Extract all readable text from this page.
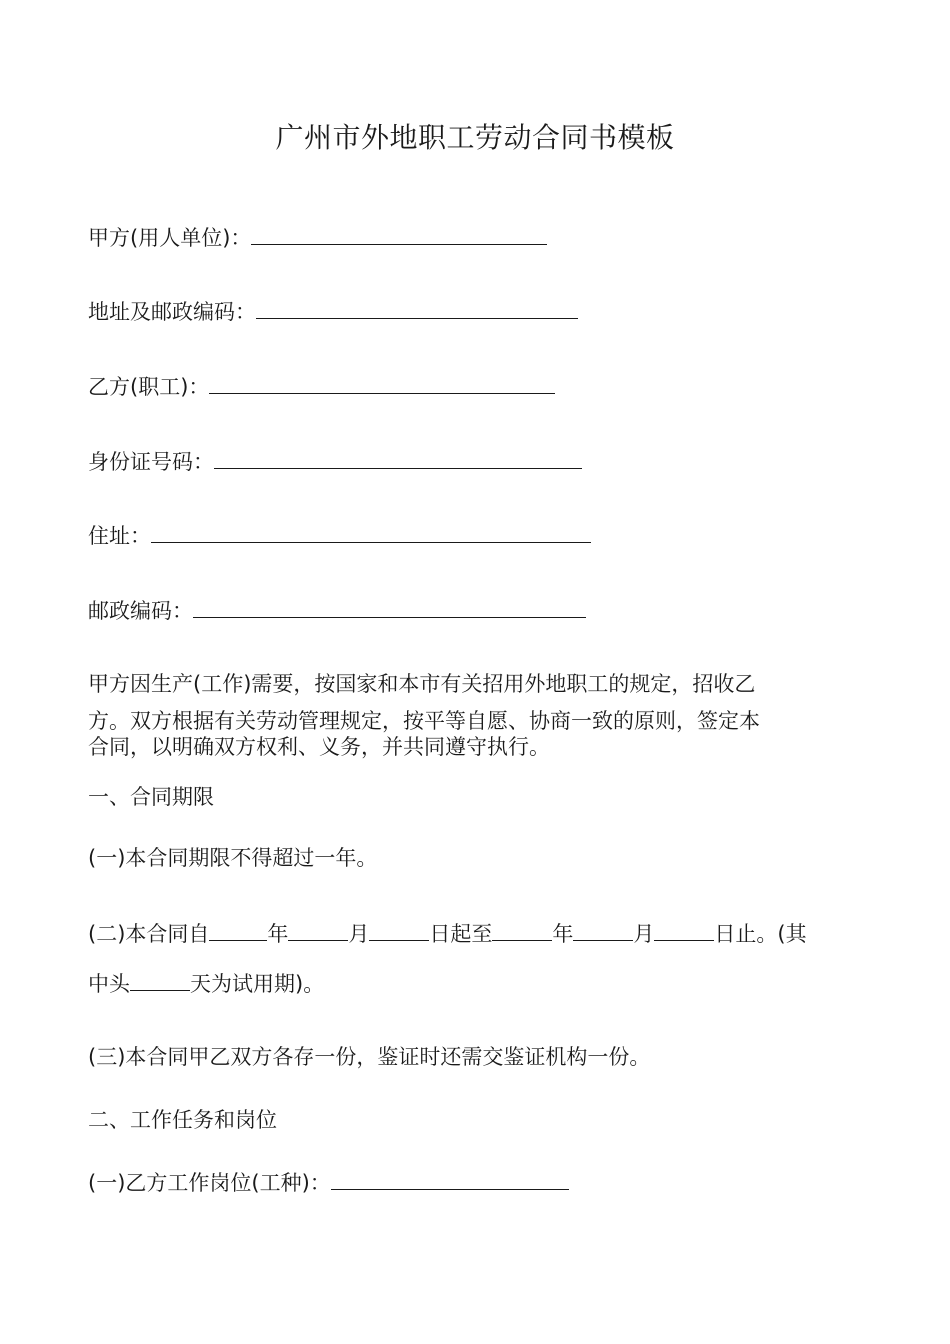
广州市外地职工劳动合同书模板
甲方(用人单位)：
地址及邮政编码：
乙方(职工)：
身份证号码：
住址：
邮政编码：
甲方因生产(工作)需要，按国家和本市有关招用外地职工的规定，招收乙
方。双方根据有关劳动管理规定，按平等自愿、协商一致的原则，签定本
合同，以明确双方权利、义务，并共同遵守执行。
一、合同期限
(一)本合同期限不得超过一年。
(二)本合同自	年	月	日起至	年	月	日止。(其
中头	天为试用期)。
(三)本合同甲乙双方各存一份，鉴证时还需交鉴证机构一份。
二、工作任务和岗位
(一)乙方工作岗位(工种)：
